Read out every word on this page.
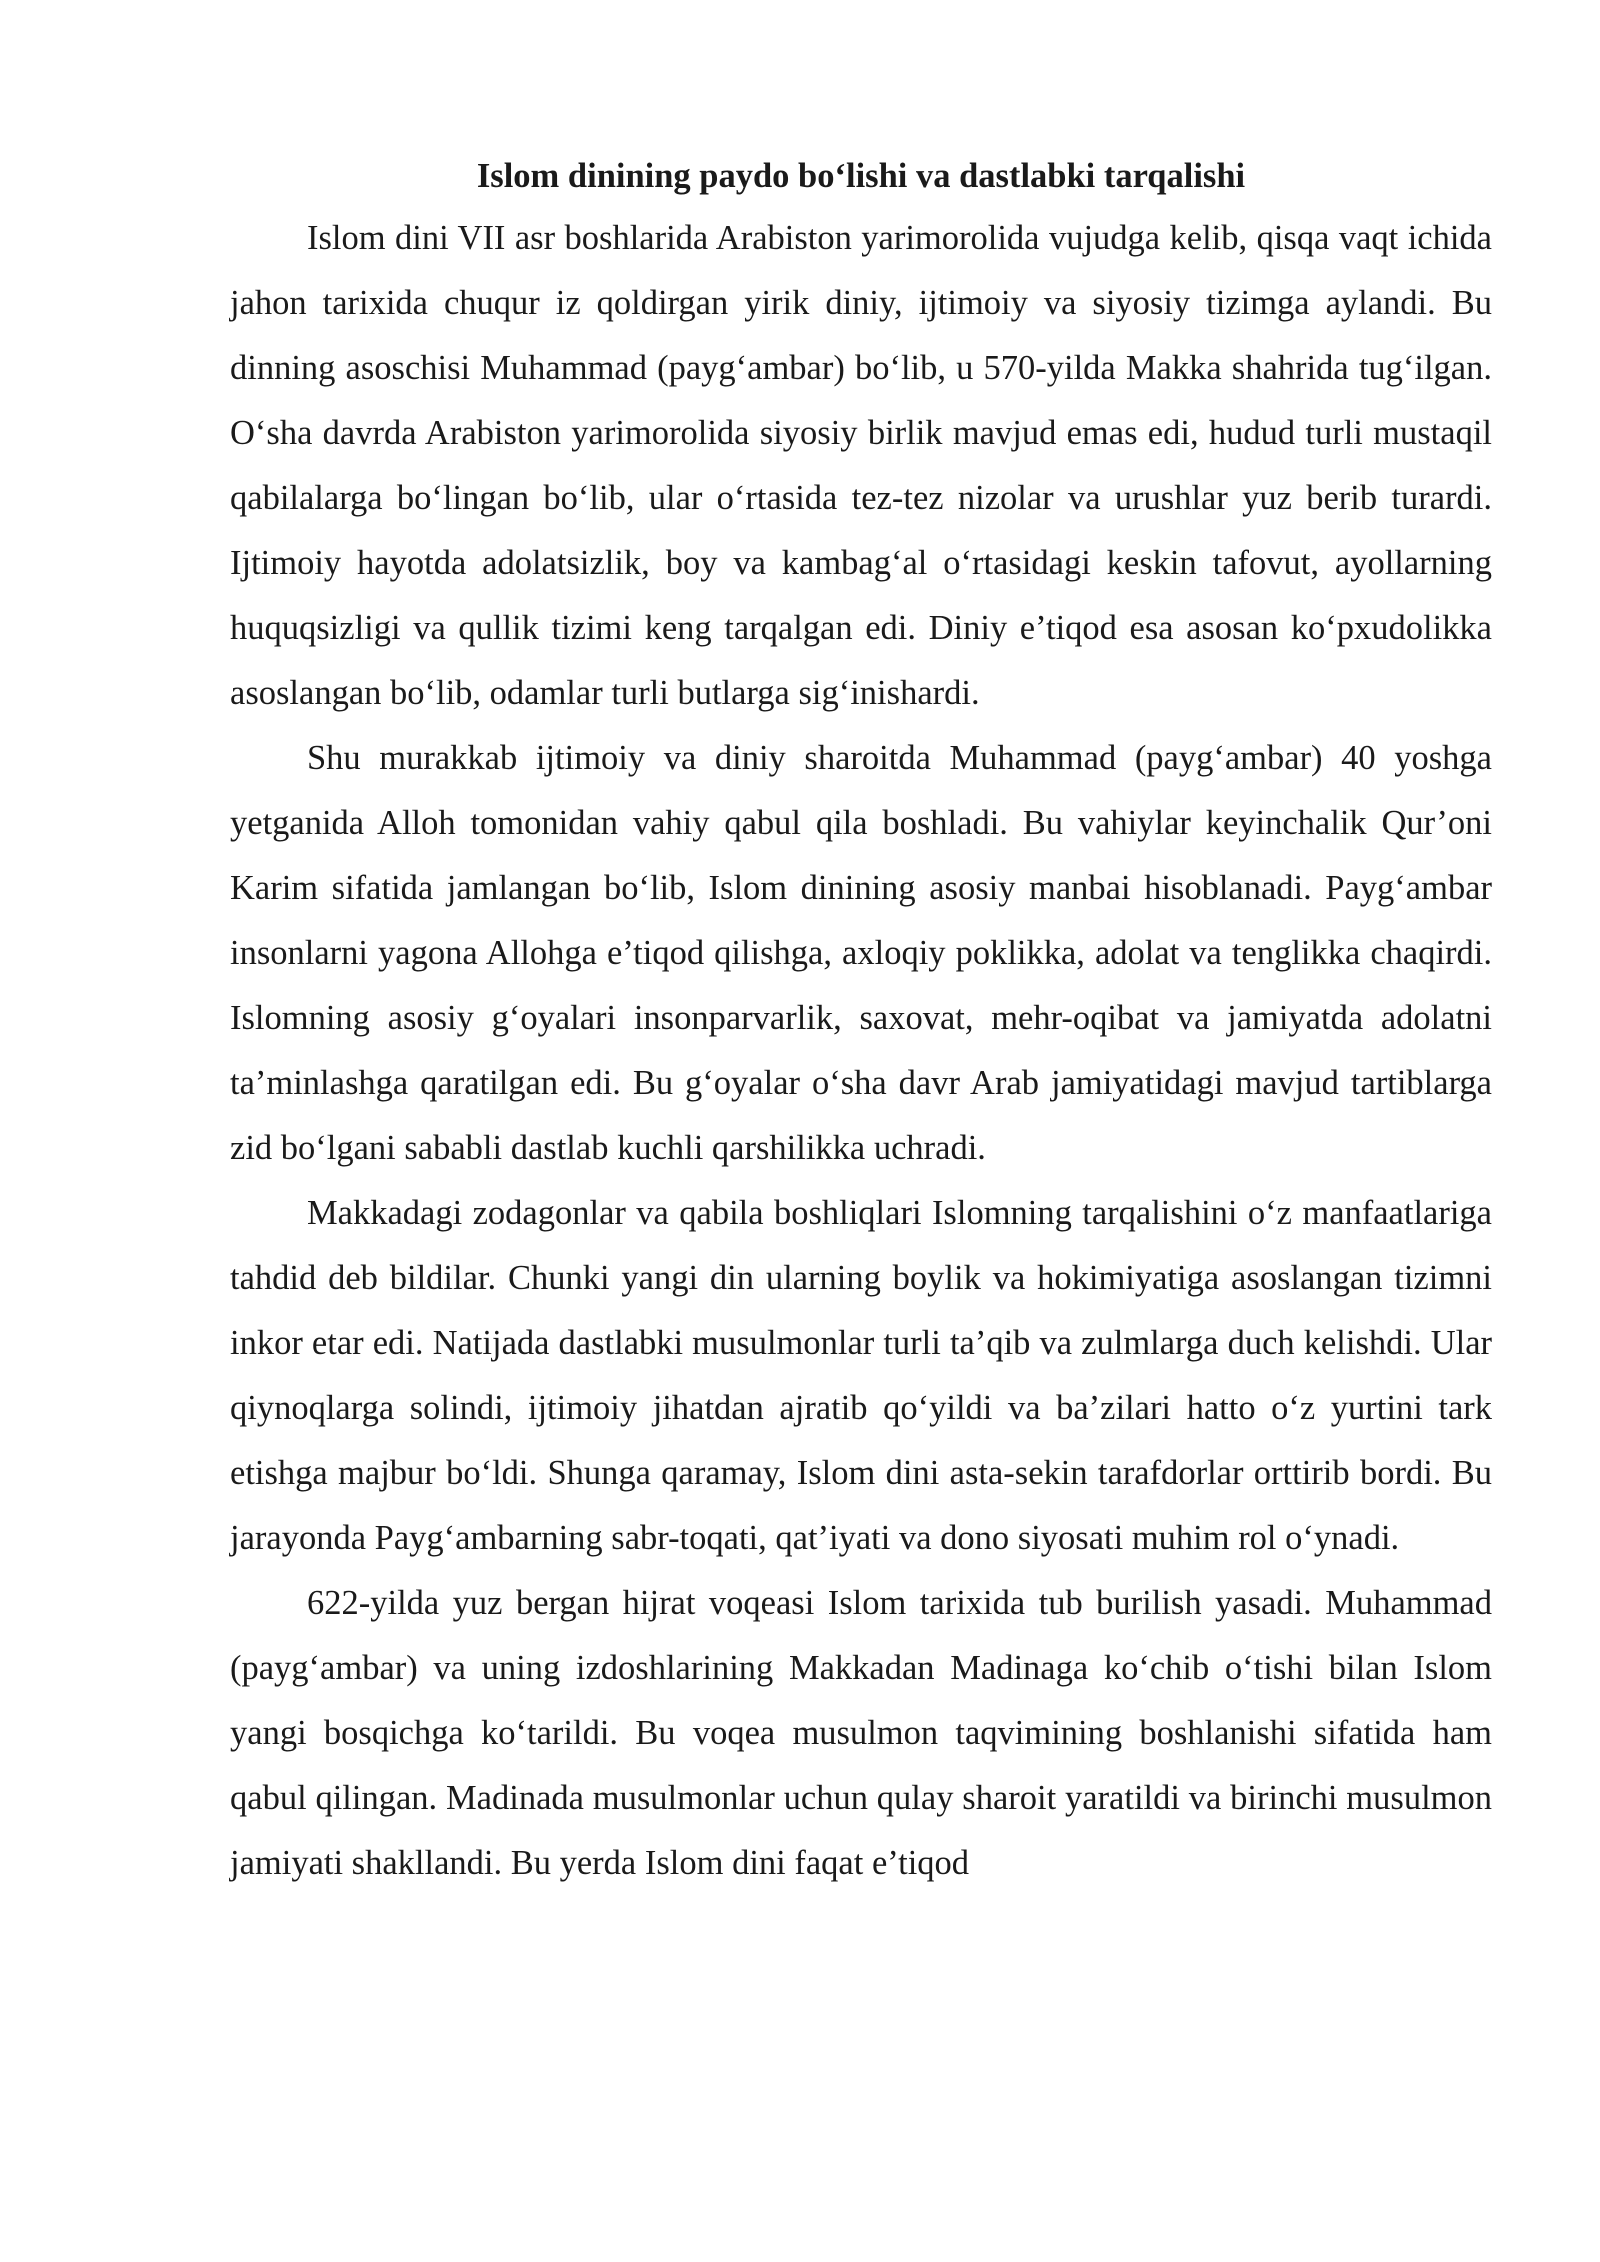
Islom dinining paydo bo‘lishi va dastlabki tarqalishi

Islom dini VII asr boshlarida Arabiston yarimorolida vujudga kelib, qisqa vaqt ichida jahon tarixida chuqur iz qoldirgan yirik diniy, ijtimoiy va siyosiy tizimga aylandi. Bu dinning asoschisi Muhammad (payg‘ambar) bo‘lib, u 570-yilda Makka shahrida tug‘ilgan. O‘sha davrda Arabiston yarimorolida siyosiy birlik mavjud emas edi, hudud turli mustaqil qabilalarga bo‘lingan bo‘lib, ular o‘rtasida tez-tez nizolar va urushlar yuz berib turardi. Ijtimoiy hayotda adolatsizlik, boy va kambag‘al o‘rtasidagi keskin tafovut, ayollarning huquqsizligi va qullik tizimi keng tarqalgan edi. Diniy e’tiqod esa asosan ko‘pxudolikka asoslangan bo‘lib, odamlar turli butlarga sig‘inishardi.

Shu murakkab ijtimoiy va diniy sharoitda Muhammad (payg‘ambar) 40 yoshga yetganida Alloh tomonidan vahiy qabul qila boshladi. Bu vahiylar keyinchalik Qur’oni Karim sifatida jamlangan bo‘lib, Islom dinining asosiy manbai hisoblanadi. Payg‘ambar insonlarni yagona Allohga e’tiqod qilishga, axloqiy poklikka, adolat va tenglikka chaqirdi. Islomning asosiy g‘oyalari insonparvarlik, saxovat, mehr-oqibat va jamiyatda adolatni ta’minlashga qaratilgan edi. Bu g‘oyalar o‘sha davr Arab jamiyatidagi mavjud tartiblarga zid bo‘lgani sababli dastlab kuchli qarshilikka uchradi.

Makkadagi zodagonlar va qabila boshliqlari Islomning tarqalishini o‘z manfaatlariga tahdid deb bildilar. Chunki yangi din ularning boylik va hokimiyatiga asoslangan tizimni inkor etar edi. Natijada dastlabki musulmonlar turli ta’qib va zulmlarga duch kelishdi. Ular qiynoqlarga solindi, ijtimoiy jihatdan ajratib qo‘yildi va ba’zilari hatto o‘z yurtini tark etishga majbur bo‘ldi. Shunga qaramay, Islom dini asta-sekin tarafdorlar orttirib bordi. Bu jarayonda Payg‘ambarning sabr-toqati, qat’iyati va dono siyosati muhim rol o‘ynadi.

622-yilda yuz bergan hijrat voqeasi Islom tarixida tub burilish yasadi. Muhammad (payg‘ambar) va uning izdoshlarining Makkadan Madinaga ko‘chib o‘tishi bilan Islom yangi bosqichga ko‘tarildi. Bu voqea musulmon taqvimining boshlanishi sifatida ham qabul qilingan. Madinada musulmonlar uchun qulay sharoit yaratildi va birinchi musulmon jamiyati shakllandi. Bu yerda Islom dini faqat e’tiqod
